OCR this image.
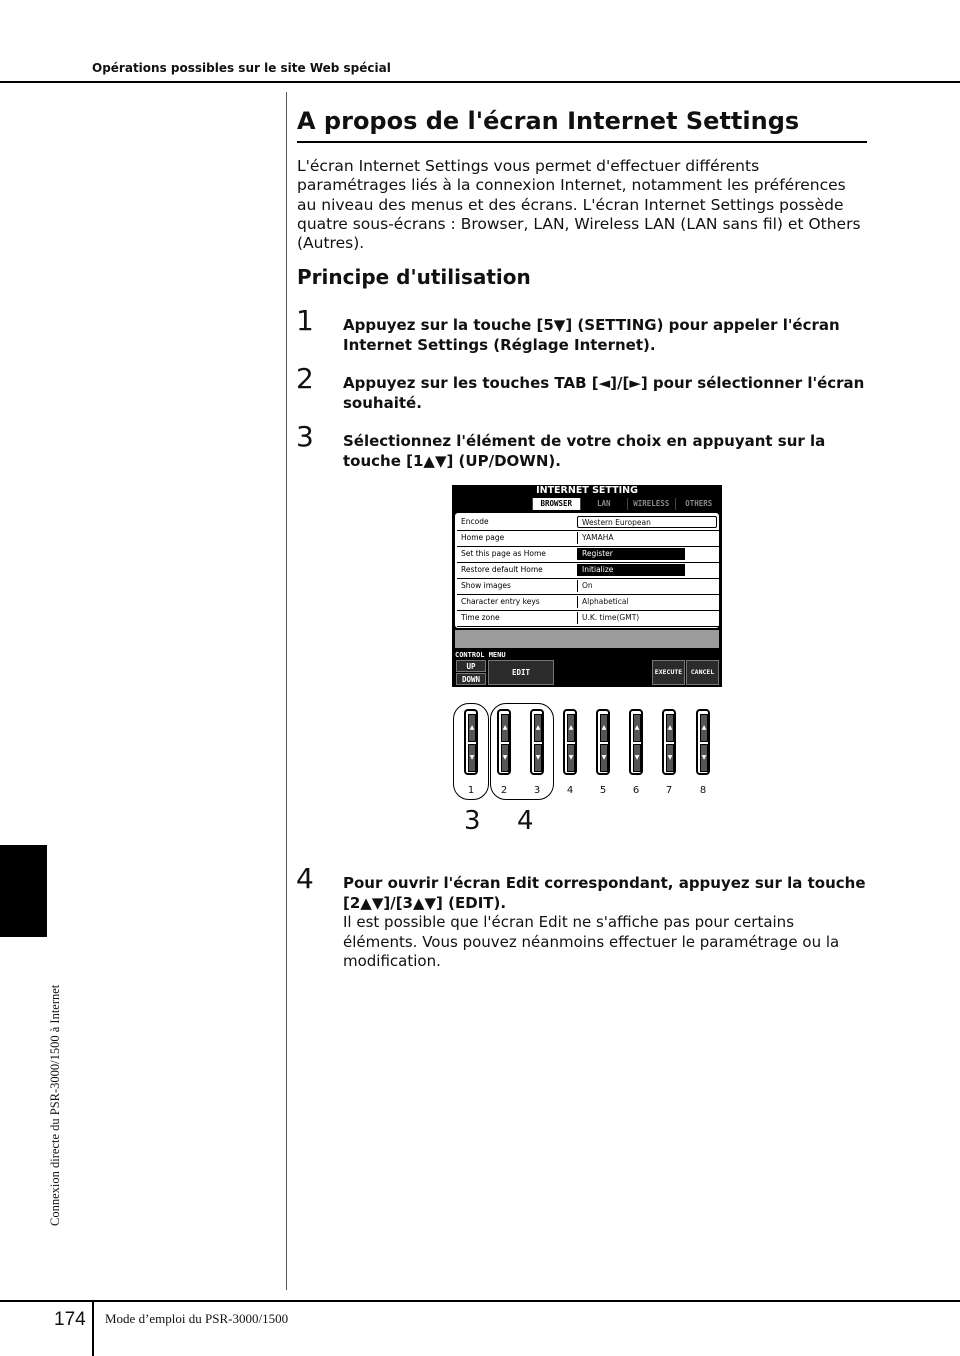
Opérations possibles sur le site Web spécial
A propos de l'écran Internet Settings
L'écran Internet Settings vous permet d'effectuer différents paramétrages liés à la connexion Internet, notamment les préférences au niveau des menus et des écrans. L'écran Internet Settings possède quatre sous-écrans : Browser, LAN, Wireless LAN (LAN sans fil) et Others (Autres).
Principe d'utilisation
1 Appuyez sur la touche [5▼] (SETTING) pour appeler l'écran Internet Settings (Réglage Internet).
2 Appuyez sur les touches TAB [◄]/[►] pour sélectionner l'écran souhaité.
3 Sélectionnez l'élément de votre choix en appuyant sur la touche [1▲▼] (UP/DOWN).
INTERNET SETTING
BROWSER	LAN	WIRELESS	OTHERS
Encode	Western European
Home page	YAMAHA
Set this page as Home	Register
Restore default Home	Initialize
Show images	On
Character entry keys	Alphabetical
Time zone	U.K. time(GMT)
CONTROL MENU
UP
DOWN
EDIT	EXECUTE	CANCEL
▲
▼
▲
▼
▲
▼
▲
▼
▲
▼
▲
▼
▲
▼
▲
▼
1	2	3	4	5	6	7	8
3 4
4 Pour ouvrir l'écran Edit correspondant, appuyez sur la touche [2▲▼]/[3▲▼] (EDIT).
Il est possible que l'écran Edit ne s'affiche pas pour certains éléments. Vous pouvez néanmoins effectuer le paramétrage ou la modification.
Connexion directe du PSR-3000/1500 à Internet
174 Mode d’emploi du PSR-3000/1500
